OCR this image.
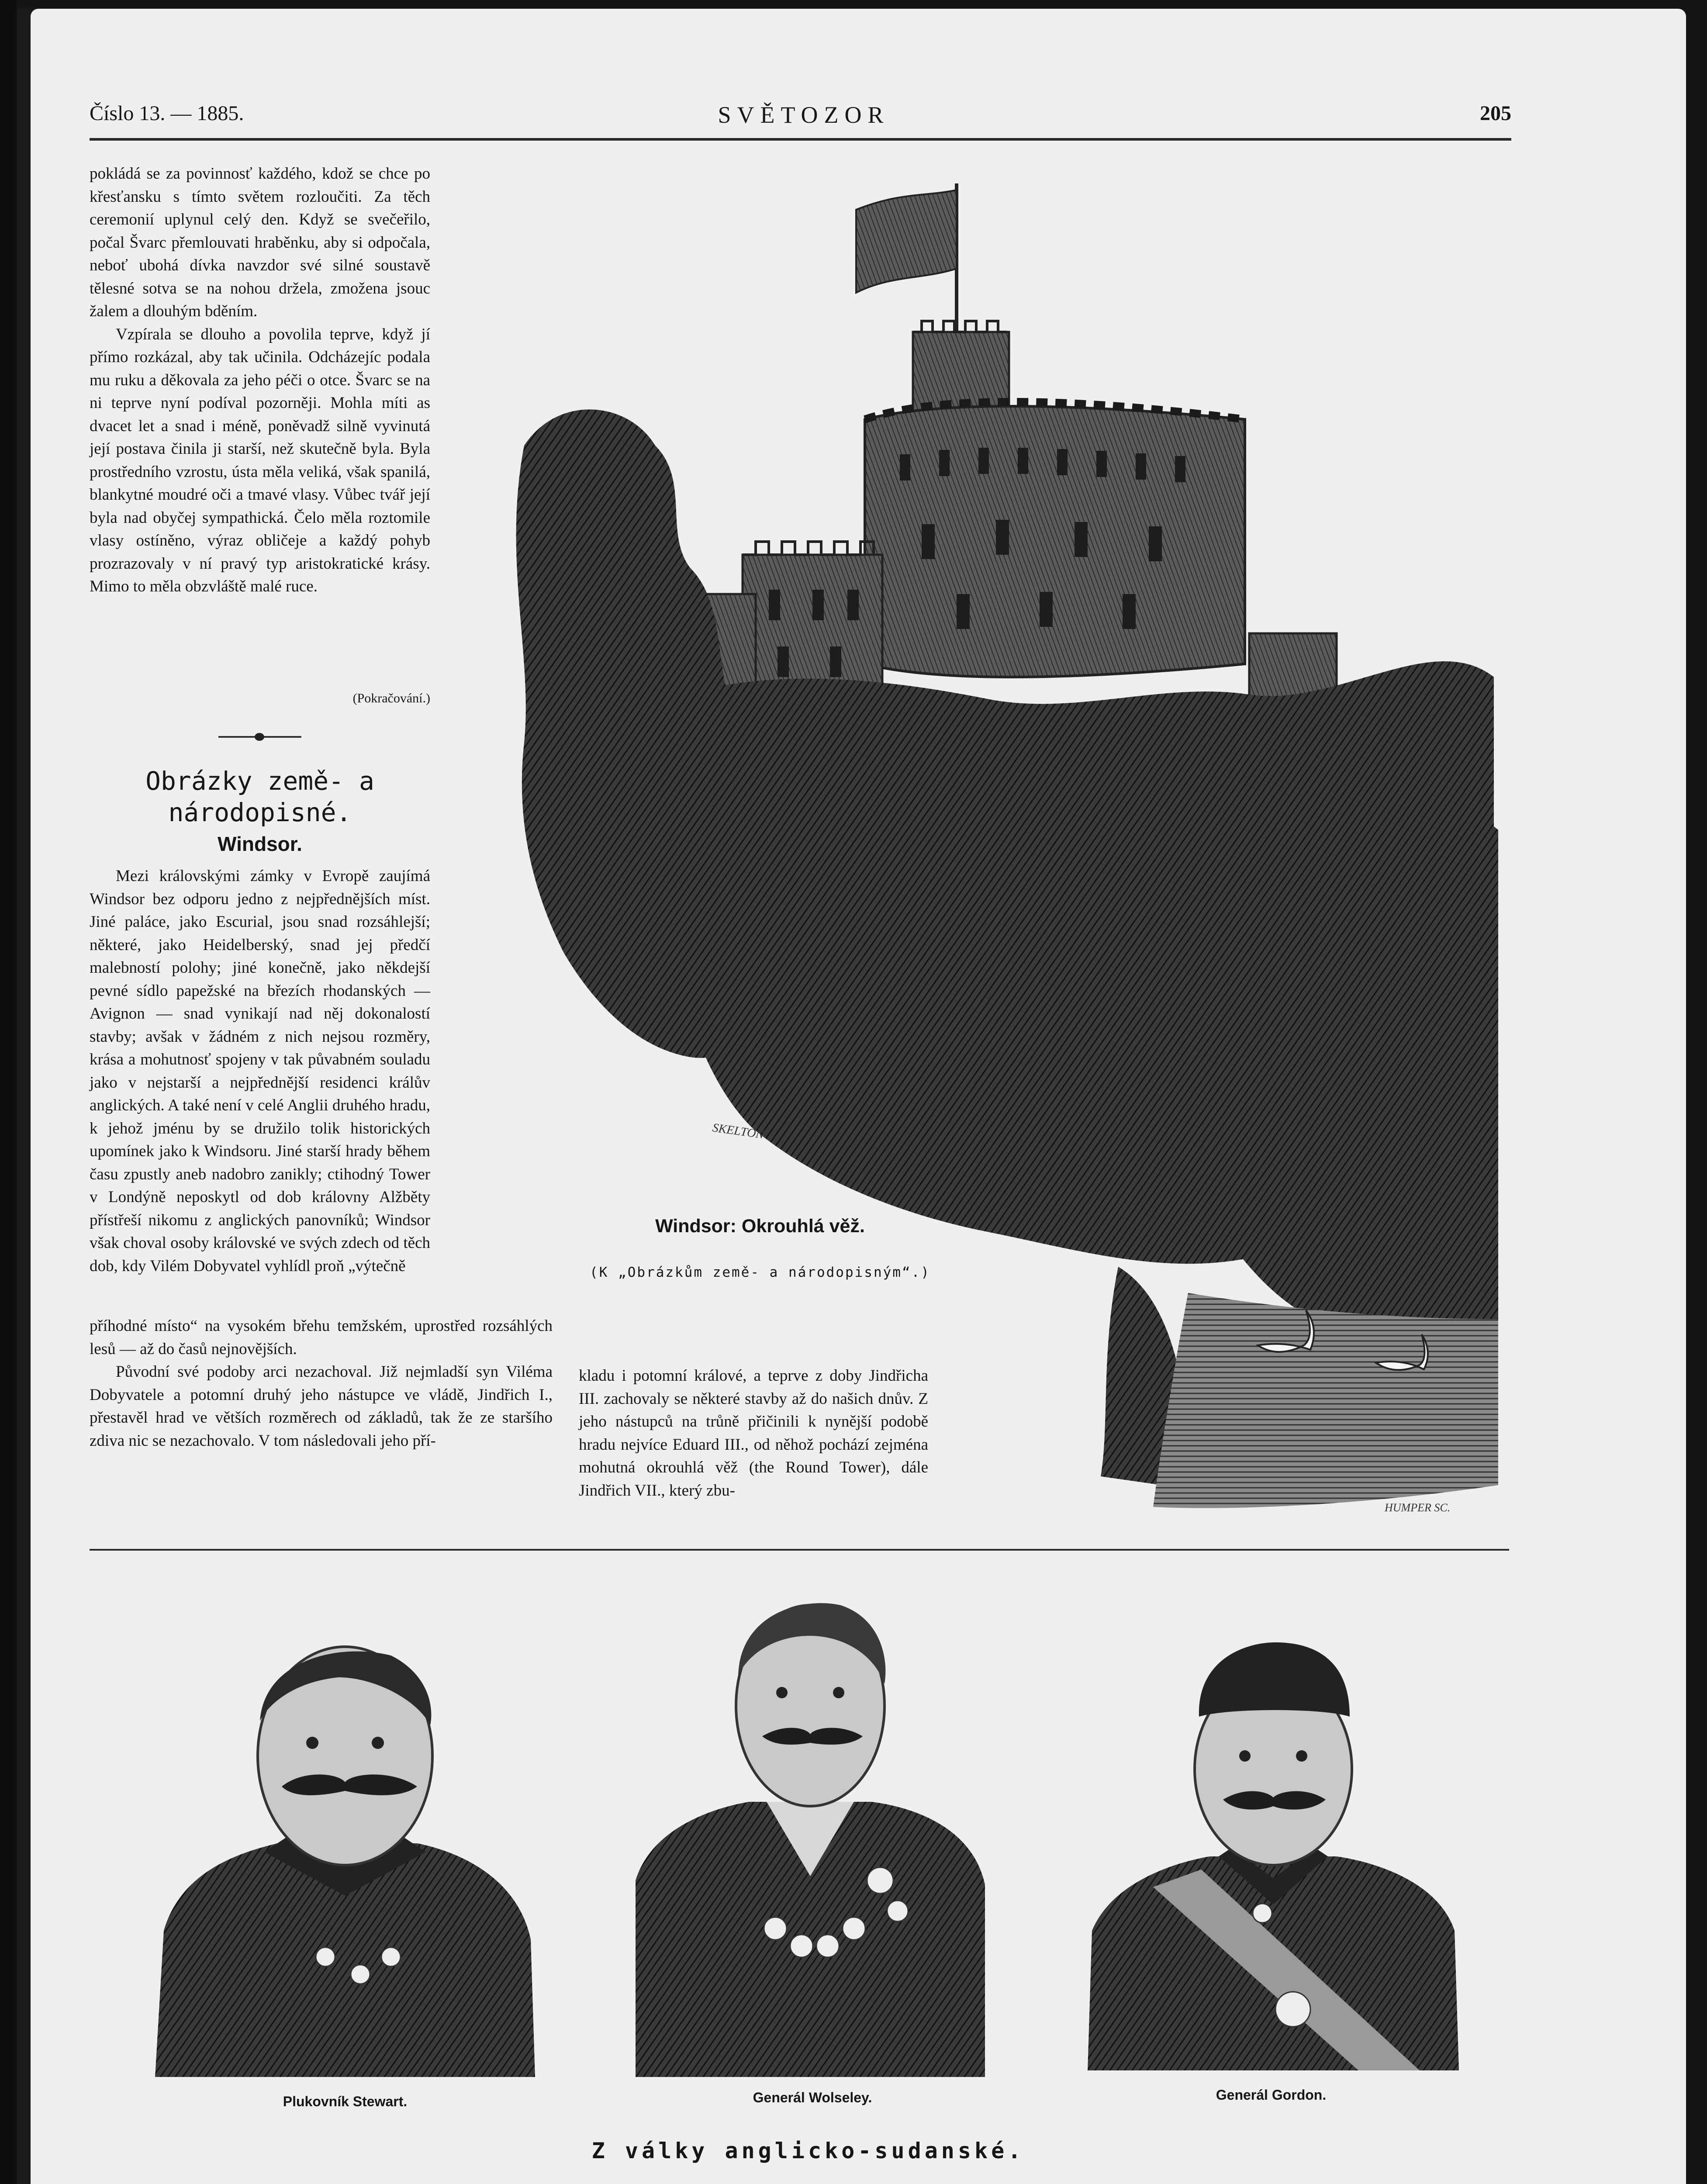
Číslo 13. — 1885.	SVĚTOZOR	205

pokládá se za povinnosť každého, kdož se chce po křesťansku s tímto světem rozloučiti. Za těch ceremonií uplynul celý den. Když se svečeřilo, počal Švarc přemlouvati hraběnku, aby si odpočala, neboť ubohá dívka navzdor své silné soustavě tělesné sotva se na nohou držela, zmožena jsouc žalem a dlouhým bděním.

Vzpírala se dlouho a povolila teprve, když jí přímo rozkázal, aby tak učinila. Odcházejíc podala mu ruku a děkovala za jeho péči o otce. Švarc se na ni teprve nyní podíval pozorněji. Mohla míti as dvacet let a snad i méně, poněvadž silně vyvinutá její postava činila ji starší, než skutečně byla. Byla prostředního vzrostu, ústa měla veliká, však spanilá, blankytné moudré oči a tmavé vlasy. Vůbec tvář její byla nad obyčej sympathická. Čelo měla roztomile vlasy ostíněno, výraz obličeje a každý pohyb prozrazovaly v ní pravý typ aristokratické krásy. Mimo to měla obzvláště malé ruce.

(Pokračování.)
Obrázky země- a národopisné.
Windsor.

Mezi královskými zámky v Evropě zaujímá Windsor bez odporu jedno z nejpřednějších míst. Jiné paláce, jako Escurial, jsou snad rozsáhlejší; některé, jako Heidelberský, snad jej předčí malebností polohy; jiné konečně, jako někdejší pevné sídlo papežské na březích rhodanských — Avignon — snad vynikají nad něj dokonalostí stavby; avšak v žádném z nich nejsou rozměry, krása a mohutnosť spojeny v tak půvabném souladu jako v nejstarší a nejpřednější residenci králův anglických. A také není v celé Anglii druhého hradu, k jehož jménu by se družilo tolik historických upomínek jako k Windsoru. Jiné starší hrady během času zpustly aneb nadobro zanikly; ctihodný Tower v Londýně neposkytl od dob královny Alžběty přístřeší nikomu z anglických panovníků; Windsor však choval osoby královské ve svých zdech od těch dob, kdy Vilém Dobyvatel vyhlídl proň „výtečně

příhodné místo“ na vysokém břehu temžském, uprostřed rozsáhlých lesů — až do časů nejnovějších.

Původní své podoby arci nezachoval. Již nejmladší syn Viléma Dobyvatele a potomní druhý jeho nástupce ve vládě, Jindřich I., přestavěl hrad ve větších rozměrech od základů, tak že ze staršího zdiva nic se nezachovalo. V tom následovali jeho pří-

kladu i potomní králové, a teprve z doby Jindřicha III. zachovaly se některé stavby až do našich dnův. Z jeho nástupců na trůně přičinili k nynější podobě hradu nejvíce Eduard III., od něhož pochází zejména mohutná okrouhlá věž (the Round Tower), dále Jindřich VII., který zbu-

SKELTON
HUMPER SC.
Windsor: Okrouhlá věž.
(K „Obrázkům země- a národopisným“.)
Plukovník Stewart.	Generál Wolseley.	Generál Gordon.
Z války anglicko-sudanské.
